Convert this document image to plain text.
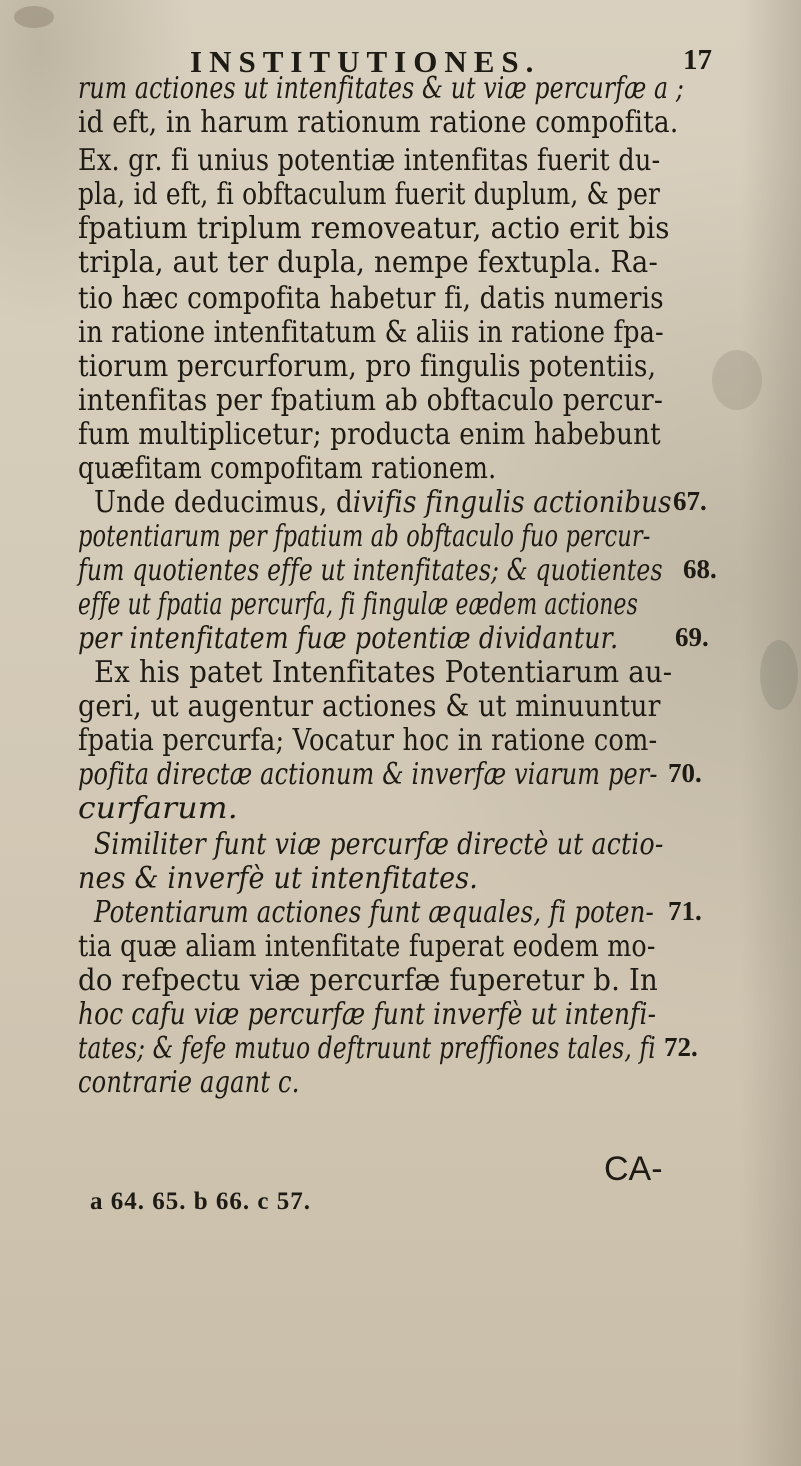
INSTITUTIONES.	17
rum actiones ut intenfitates & ut viæ percurfæ a ;
id eft, in harum rationum ratione compofita.
Ex. gr. fi unius potentiæ intenfitas fuerit du-
pla, id eft, fi obftaculum fuerit duplum, & per
fpatium triplum removeatur, actio erit bis
tripla, aut ter dupla, nempe fextupla. Ra-
tio hæc compofita habetur fi, datis numeris
in ratione intenfitatum & aliis in ratione fpa-
tiorum percurforum, pro fingulis potentiis,
intenfitas per fpatium ab obftaculo percur-
fum multiplicetur; producta enim habebunt
quæfitam compofitam rationem.
Unde deducimus, divifis fingulis actionibus
potentiarum per fpatium ab obftaculo fuo percur-
fum quotientes effe ut intenfitates; & quotientes
effe ut fpatia percurfa, fi fingulæ eædem actiones
per intenfitatem fuæ potentiæ dividantur.
Ex his patet Intenfitates Potentiarum au-
geri, ut augentur actiones & ut minuuntur
fpatia percurfa; Vocatur hoc in ratione com-
pofita directæ actionum & inverfæ viarum per-
curfarum.
Similiter funt viæ percurfæ directè ut actio-
nes & inverfè ut intenfitates.
Potentiarum actiones funt æquales, fi poten-
tia quæ aliam intenfitate fuperat eodem mo-
do refpectu viæ percurfæ fuperetur b. In
hoc cafu viæ percurfæ funt inverfè ut intenfi-
tates; & fefe mutuo deftruunt preffiones tales, fi
contrarie agant c.
67.
68.
69.
70.
71.
72.
CA-
a 64. 65. b 66. c 57.
